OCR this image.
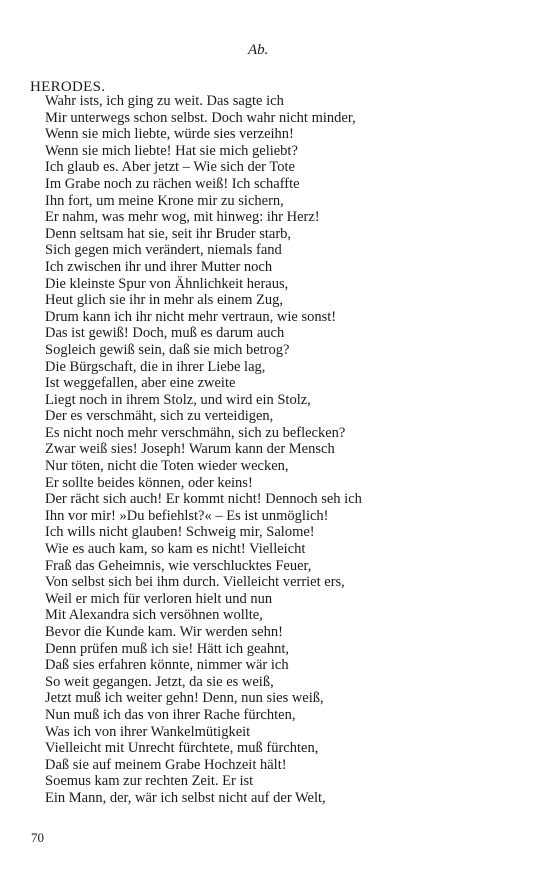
Ab.
HERODES.
Wahr ists, ich ging zu weit. Das sagte ich
Mir unterwegs schon selbst. Doch wahr nicht minder,
Wenn sie mich liebte, würde sies verzeihn!
Wenn sie mich liebte! Hat sie mich geliebt?
Ich glaub es. Aber jetzt – Wie sich der Tote
Im Grabe noch zu rächen weiß! Ich schaffte
Ihn fort, um meine Krone mir zu sichern,
Er nahm, was mehr wog, mit hinweg: ihr Herz!
Denn seltsam hat sie, seit ihr Bruder starb,
Sich gegen mich verändert, niemals fand
Ich zwischen ihr und ihrer Mutter noch
Die kleinste Spur von Ähnlichkeit heraus,
Heut glich sie ihr in mehr als einem Zug,
Drum kann ich ihr nicht mehr vertraun, wie sonst!
Das ist gewiß! Doch, muß es darum auch
Sogleich gewiß sein, daß sie mich betrog?
Die Bürgschaft, die in ihrer Liebe lag,
Ist weggefallen, aber eine zweite
Liegt noch in ihrem Stolz, und wird ein Stolz,
Der es verschmäht, sich zu verteidigen,
Es nicht noch mehr verschmähn, sich zu beflecken?
Zwar weiß sies! Joseph! Warum kann der Mensch
Nur töten, nicht die Toten wieder wecken,
Er sollte beides können, oder keins!
Der rächt sich auch! Er kommt nicht! Dennoch seh ich
Ihn vor mir! »Du befiehlst?« – Es ist unmöglich!
Ich wills nicht glauben! Schweig mir, Salome!
Wie es auch kam, so kam es nicht! Vielleicht
Fraß das Geheimnis, wie verschlucktes Feuer,
Von selbst sich bei ihm durch. Vielleicht verriet ers,
Weil er mich für verloren hielt und nun
Mit Alexandra sich versöhnen wollte,
Bevor die Kunde kam. Wir werden sehn!
Denn prüfen muß ich sie! Hätt ich geahnt,
Daß sies erfahren könnte, nimmer wär ich
So weit gegangen. Jetzt, da sie es weiß,
Jetzt muß ich weiter gehn! Denn, nun sies weiß,
Nun muß ich das von ihrer Rache fürchten,
Was ich von ihrer Wankelmütigkeit
Vielleicht mit Unrecht fürchtete, muß fürchten,
Daß sie auf meinem Grabe Hochzeit hält!
Soemus kam zur rechten Zeit. Er ist
Ein Mann, der, wär ich selbst nicht auf der Welt,
70
